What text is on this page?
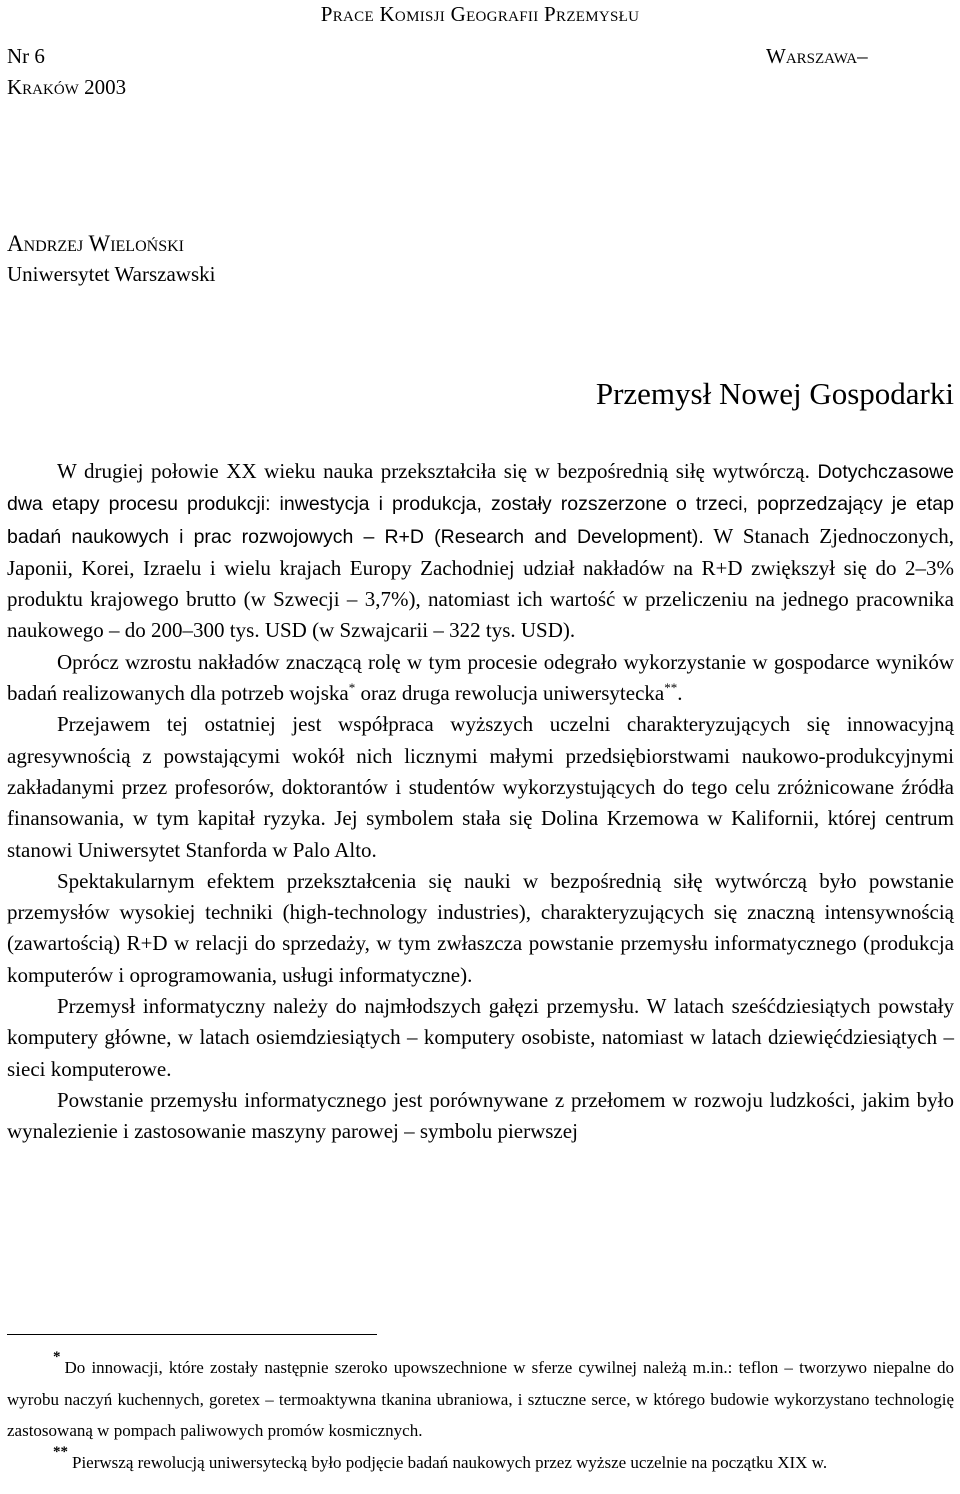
Prace Komisji Geografii Przemysłu
Nr 6
Kraków 2003
Warszawa–
Andrzej Wieloński
Uniwersytet Warszawski
Przemysł Nowej Gospodarki

W drugiej połowie XX wieku nauka przekształciła się w bezpośrednią siłę wytwórczą. Dotychczasowe dwa etapy procesu produkcji: inwestycja i produkcja, zostały rozszerzone o trzeci, poprzedzający je etap badań naukowych i prac rozwojowych – R+D (Research and Development). W Stanach Zjednoczonych, Japonii, Korei, Izraelu i wielu krajach Europy Zachodniej udział nakładów na R+D zwiększył się do 2–3% produktu krajowego brutto (w Szwecji – 3,7%), natomiast ich wartość w przeliczeniu na jednego pracownika naukowego – do 200–300 tys. USD (w Szwajcarii – 322 tys. USD).

Oprócz wzrostu nakładów znaczącą rolę w tym procesie odegrało wykorzystanie w gospodarce wyników badań realizowanych dla potrzeb wojska* oraz druga rewolucja uniwersytecka**.

Przejawem tej ostatniej jest współpraca wyższych uczelni charakteryzujących się innowacyjną agresywnością z powstającymi wokół nich licznymi małymi przedsiębiorstwami naukowo-produkcyjnymi zakładanymi przez profesorów, doktorantów i studentów wykorzystujących do tego celu zróżnicowane źródła finansowania, w tym kapitał ryzyka. Jej symbolem stała się Dolina Krzemowa w Kalifornii, której centrum stanowi Uniwersytet Stanforda w Palo Alto.

Spektakularnym efektem przekształcenia się nauki w bezpośrednią siłę wytwórczą było powstanie przemysłów wysokiej techniki (high-technology industries), charakteryzujących się znaczną intensywnością (zawartością) R+D w relacji do sprzedaży, w tym zwłaszcza powstanie przemysłu informatycznego (produkcja komputerów i oprogramowania, usługi informatyczne).

Przemysł informatyczny należy do najmłodszych gałęzi przemysłu. W latach sześćdziesiątych powstały komputery główne, w latach osiemdziesiątych – komputery osobiste, natomiast w latach dziewięćdziesiątych – sieci komputerowe.

Powstanie przemysłu informatycznego jest porównywane z przełomem w rozwoju ludzkości, jakim było wynalezienie i zastosowanie maszyny parowej – symbolu pierwszej

*Do innowacji, które zostały następnie szeroko upowszechnione w sferze cywilnej należą m.in.: teflon – tworzywo niepalne do wyrobu naczyń kuchennych, goretex – termoaktywna tkanina ubraniowa, i sztuczne serce, w którego budowie wykorzystano technologię zastosowaną w pompach paliwowych promów kosmicznych.

**Pierwszą rewolucją uniwersytecką było podjęcie badań naukowych przez wyższe uczelnie na początku XIX w.
